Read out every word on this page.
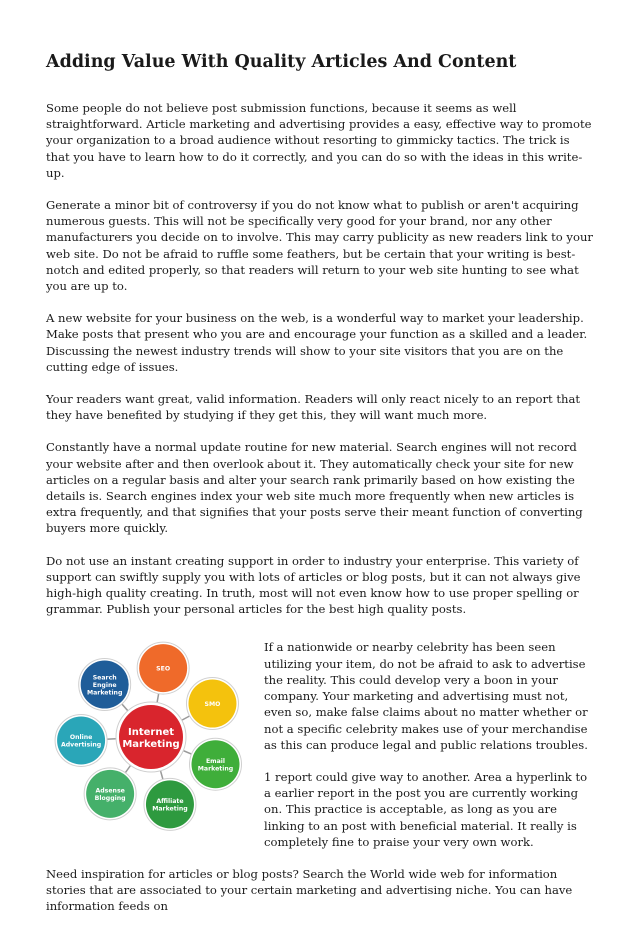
Adding Value With Quality Articles And Content

Some people do not believe post submission functions, because it seems as well straightforward. Article marketing and advertising provides a easy, effective way to promote your organization to a broad audience without resorting to gimmicky tactics. The trick is that you have to learn how to do it correctly, and you can do so with the ideas in this write-up.

Generate a minor bit of controversy if you do not know what to publish or aren't acquiring numerous guests. This will not be specifically very good for your brand, nor any other manufacturers you decide on to involve. This may carry publicity as new readers link to your web site. Do not be afraid to ruffle some feathers, but be certain that your writing is best-notch and edited properly, so that readers will return to your web site hunting to see what you are up to.

A new website for your business on the web, is a wonderful way to market your leadership. Make posts that present who you are and encourage your function as a skilled and a leader. Discussing the newest industry trends will show to your site visitors that you are on the cutting edge of issues.

Your readers want great, valid information. Readers will only react nicely to an report that they have benefited by studying if they get this, they will want much more.

Constantly have a normal update routine for new material. Search engines will not record your website after and then overlook about it. They automatically check your site for new articles on a regular basis and alter your search rank primarily based on how existing the details is. Search engines index your web site much more frequently when new articles is extra frequently, and that signifies that your posts serve their meant function of converting buyers more quickly.

Do not use an instant creating support in order to industry your enterprise. This variety of support can swiftly supply you with lots of articles or blog posts, but it can not always give high-high quality creating. In truth, most will not even know how to use proper spelling or grammar. Publish your personal articles for the best high quality posts.

SEO
SMO
Email
Marketing
Affiliate
Marketing
Adsense
Blogging
Online
Advertising
Search
Engine
Marketing
Internet
Marketing

If a nationwide or nearby celebrity has been seen utilizing your item, do not be afraid to ask to advertise the reality. This could develop very a boon in your company. Your marketing and advertising must not, even so, make false claims about no matter whether or not a specific celebrity makes use of your merchandise as this can produce legal and public relations troubles.

1 report could give way to another. Area a hyperlink to a earlier report in the post you are currently working on. This practice is acceptable, as long as you are linking to an post with beneficial material. It really is completely fine to praise your very own work.

Need inspiration for articles or blog posts? Search the World wide web for information stories that are associated to your certain marketing and advertising niche. You can have information feeds on
